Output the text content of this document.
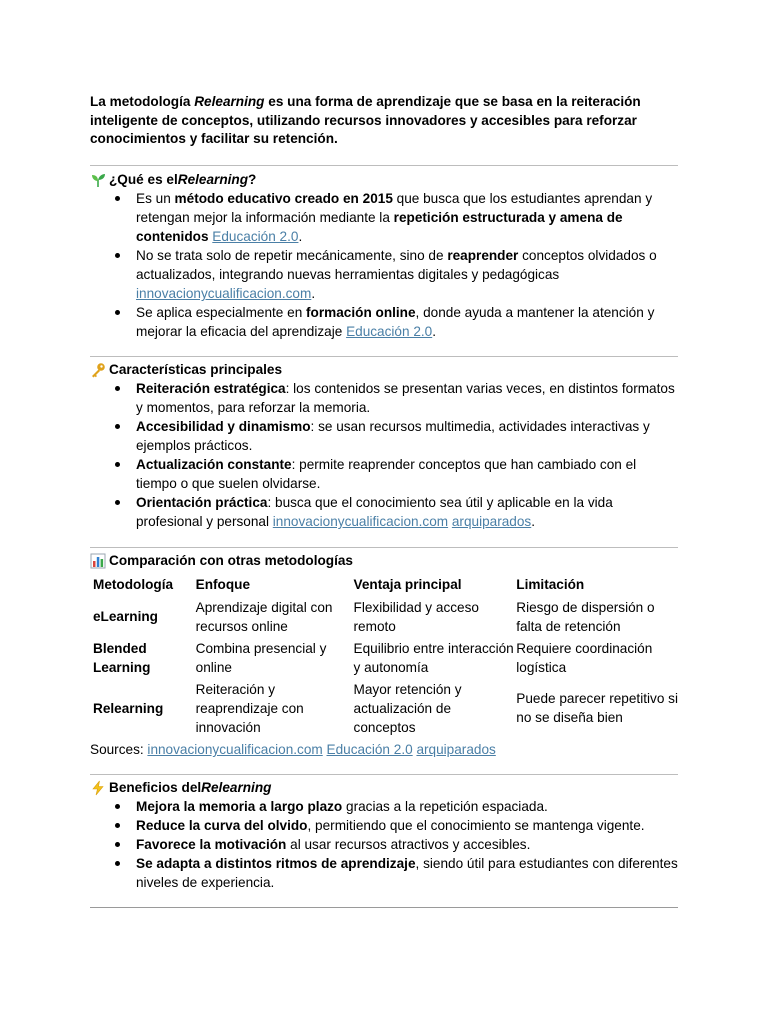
La metodología Relearning es una forma de aprendizaje que se basa en la reiteración inteligente de conceptos, utilizando recursos innovadores y accesibles para reforzar conocimientos y facilitar su retención.
¿Qué es el Relearning ?
Es un método educativo creado en 2015 que busca que los estudiantes aprendan y retengan mejor la información mediante la repetición estructurada y amena de contenidos Educación 2.0.
No se trata solo de repetir mecánicamente, sino de reaprender conceptos olvidados o actualizados, integrando nuevas herramientas digitales y pedagógicas innovacionycualificacion.com.
Se aplica especialmente en formación online, donde ayuda a mantener la atención y mejorar la eficacia del aprendizaje Educación 2.0.
Características principales
Reiteración estratégica: los contenidos se presentan varias veces, en distintos formatos y momentos, para reforzar la memoria.
Accesibilidad y dinamismo: se usan recursos multimedia, actividades interactivas y ejemplos prácticos.
Actualización constante: permite reaprender conceptos que han cambiado con el tiempo o que suelen olvidarse.
Orientación práctica: busca que el conocimiento sea útil y aplicable en la vida profesional y personal innovacionycualificacion.com arquiparados.
Comparación con otras metodologías
Metodología	Enfoque	Ventaja principal	Limitación
eLearning	Aprendizaje digital con recursos online	Flexibilidad y acceso remoto	Riesgo de dispersión o falta de retención
Blended Learning	Combina presencial y online	Equilibrio entre interacción y autonomía	Requiere coordinación logística
Relearning	Reiteración y reaprendizaje con innovación	Mayor retención y actualización de conceptos	Puede parecer repetitivo si no se diseña bien
Sources: innovacionycualificacion.com Educación 2.0 arquiparados
Beneficios del Relearning
Mejora la memoria a largo plazo gracias a la repetición espaciada.
Reduce la curva del olvido, permitiendo que el conocimiento se mantenga vigente.
Favorece la motivación al usar recursos atractivos y accesibles.
Se adapta a distintos ritmos de aprendizaje, siendo útil para estudiantes con diferentes niveles de experiencia.
